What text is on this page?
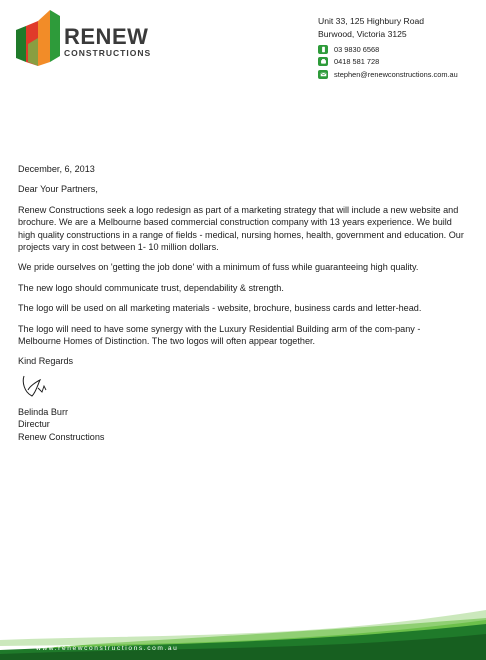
RENEW
CONSTRUCTIONS
Unit 33, 125 Highbury Road
Burwood, Victoria 3125
03 9830 6568
0418 581 728
stephen@renewconstructions.com.au

December, 6, 2013

Dear Your Partners,

Renew Constructions seek a logo redesign as part of a marketing strategy that will include a new website and brochure. We are a Melbourne based commercial construction company with 13 years experience. We build high quality constructions in a range of fields - medical, nursing homes, health, government and education. Our projects vary in cost between 1- 10 million dollars.

We pride ourselves on 'getting the job done' with a minimum of fuss while guaranteeing high quality.

The new logo should communicate trust, dependability & strength.

The logo will be used on all marketing materials - website, brochure, business cards and letter-head.

The logo will need to have some synergy with the Luxury Residential Building arm of the com-pany - Melbourne Homes of Distinction. The two logos will often appear together.

Kind Regards

Belinda Burr
Directur
Renew Constructions
www.renewconstructions.com.au
